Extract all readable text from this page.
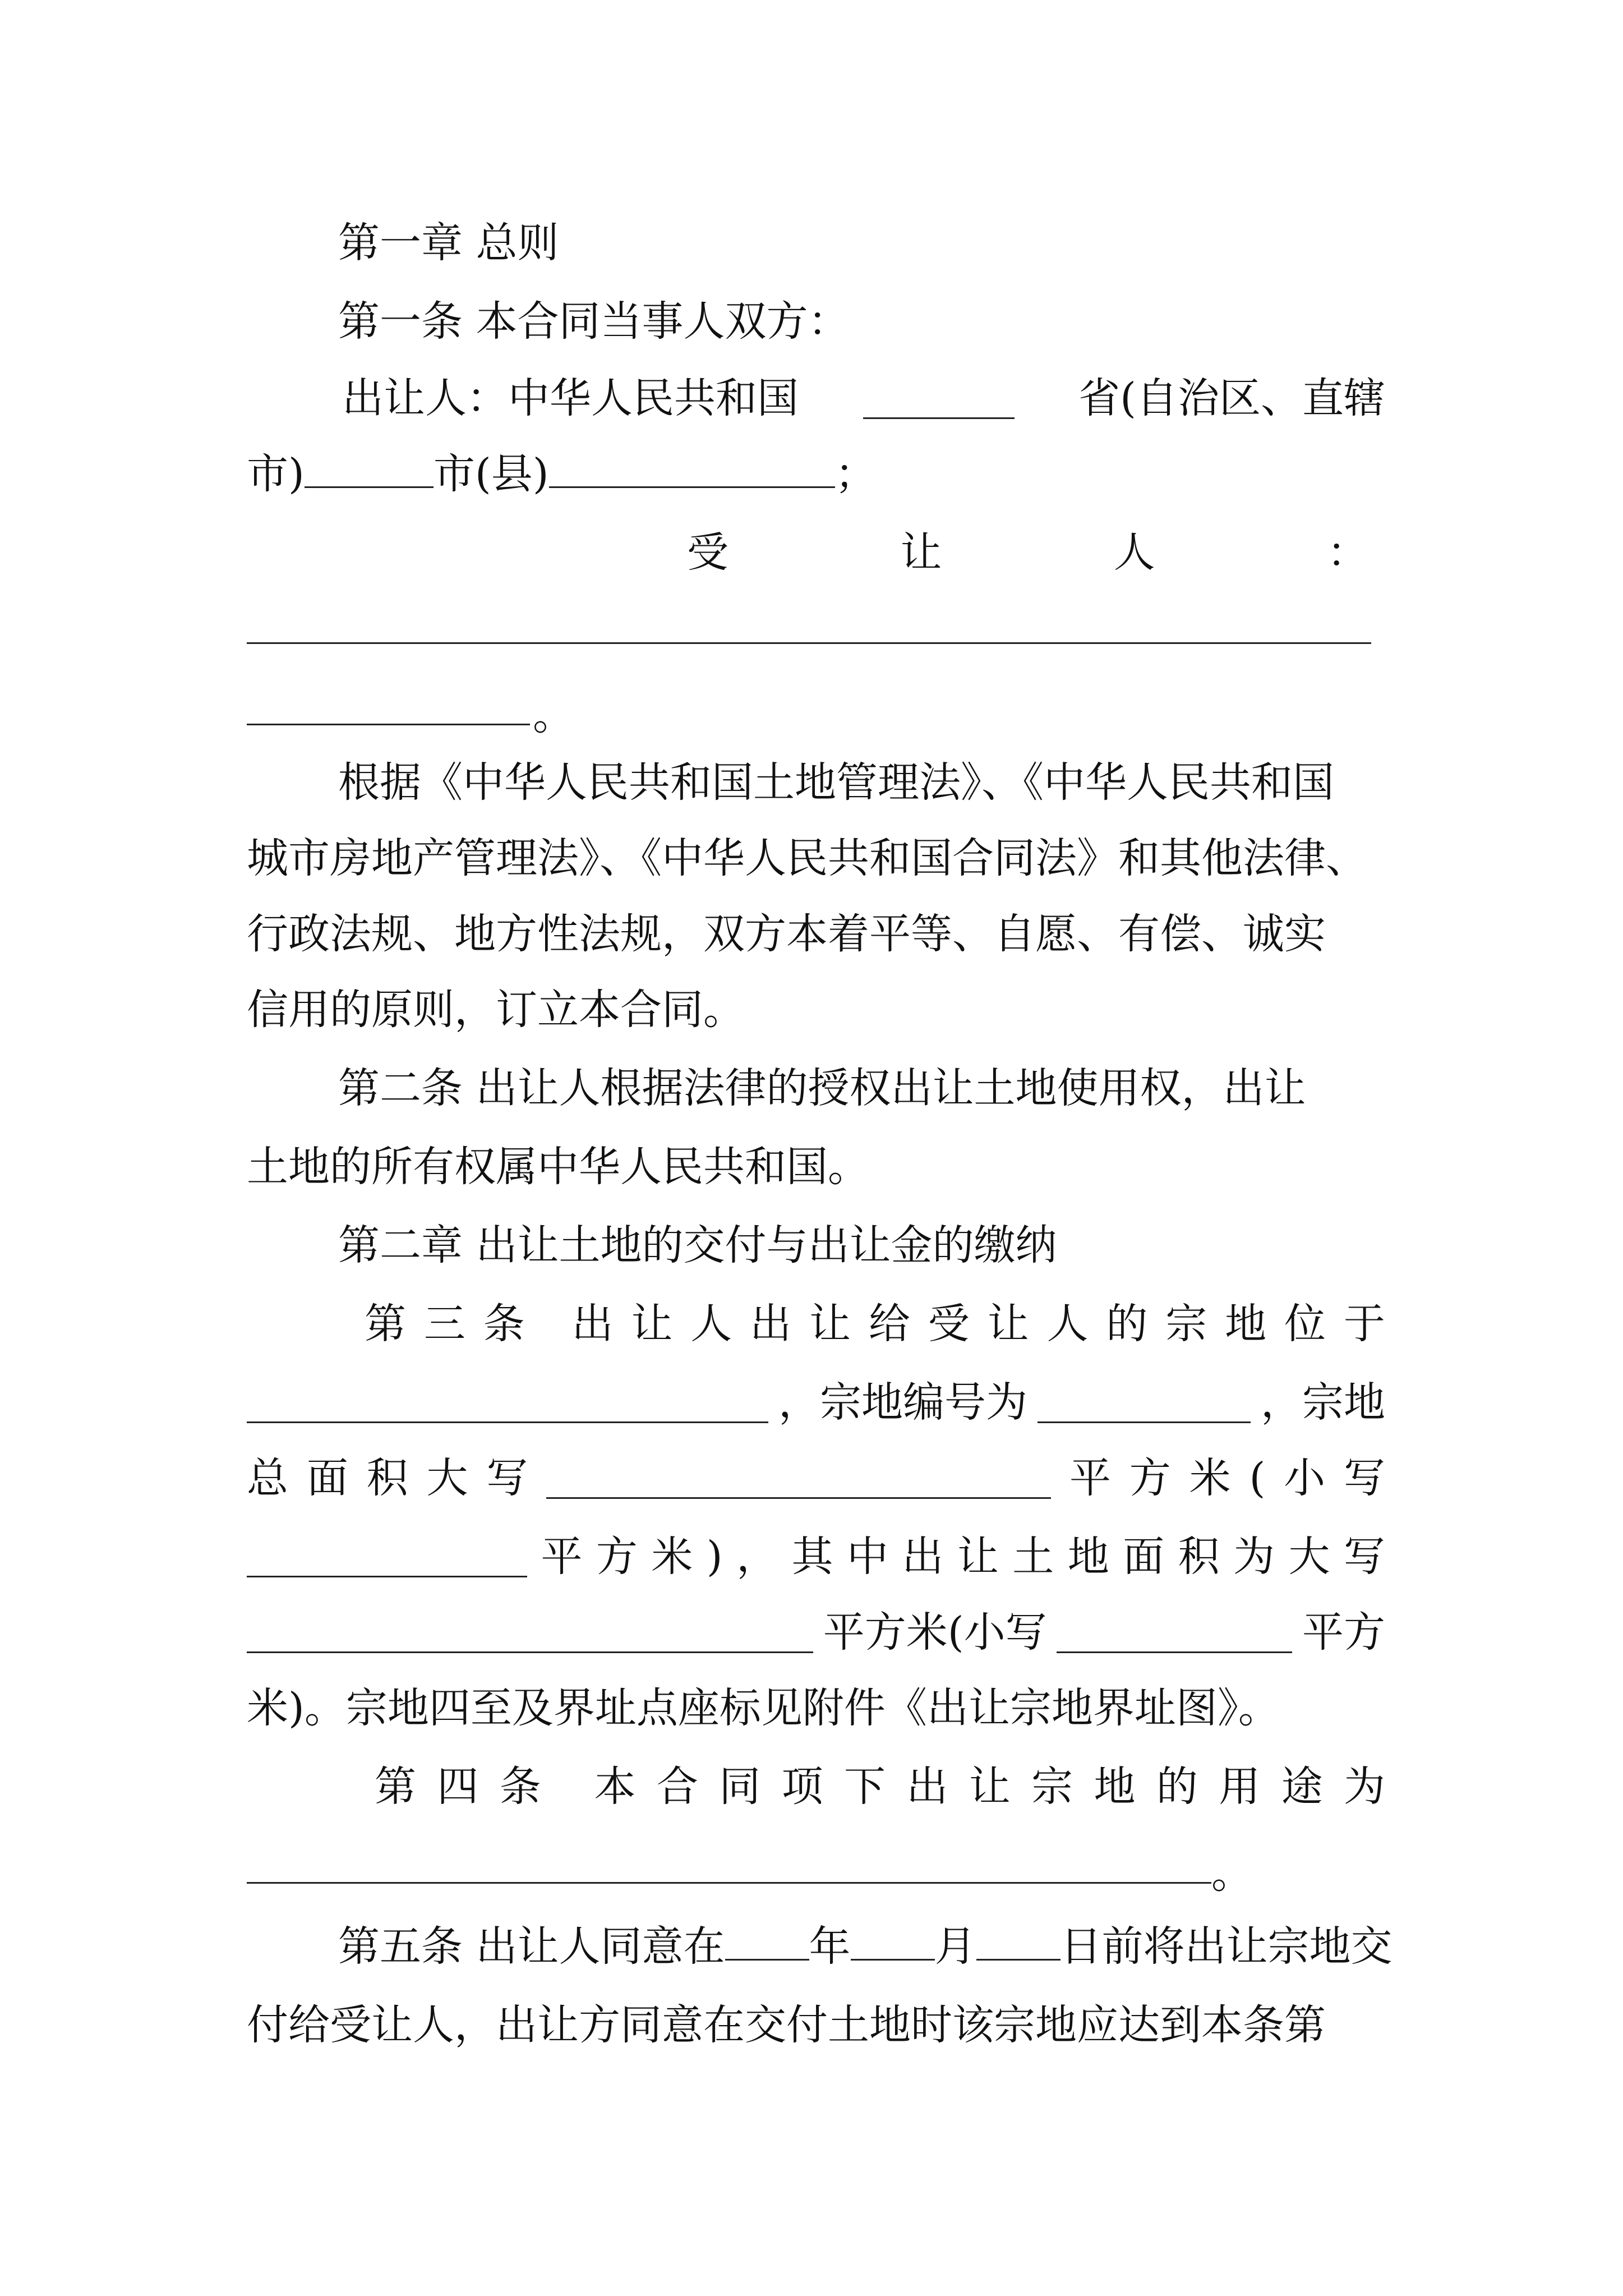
第一章 总则
第一条 本合同当事人双方：
出让人：中华人民共和国	省(自治区、直辖
市)	市(县)	；
受	让	人	：
。
根据《中华人民共和国土地管理法》、《中华人民共和国
城市房地产管理法》、《中华人民共和国合同法》和其他法律、
行政法规、地方性法规，双方本着平等、自愿、有偿、诚实
信用的原则，订立本合同。
第二条 出让人根据法律的授权出让土地使用权，出让
土地的所有权属中华人民共和国。
第二章 出让土地的交付与出让金的缴纳
第 三 条 出 让 人 出 让 给 受 让 人 的 宗 地 位 于
，宗地编号为	，宗地
总 面 积 大 写	平 方 米 ( 小 写
平 方 米 ) ， 其 中 出 让 土 地 面 积 为 大 写
平方米(小写	平方
米)。宗地四至及界址点座标见附件《出让宗地界址图》。
第 四 条 本 合 同 项 下 出 让 宗 地 的 用 途 为
。
第五条 出让人同意在 年 月 日前将出让宗地交
付给受让人，出让方同意在交付土地时该宗地应达到本条第
